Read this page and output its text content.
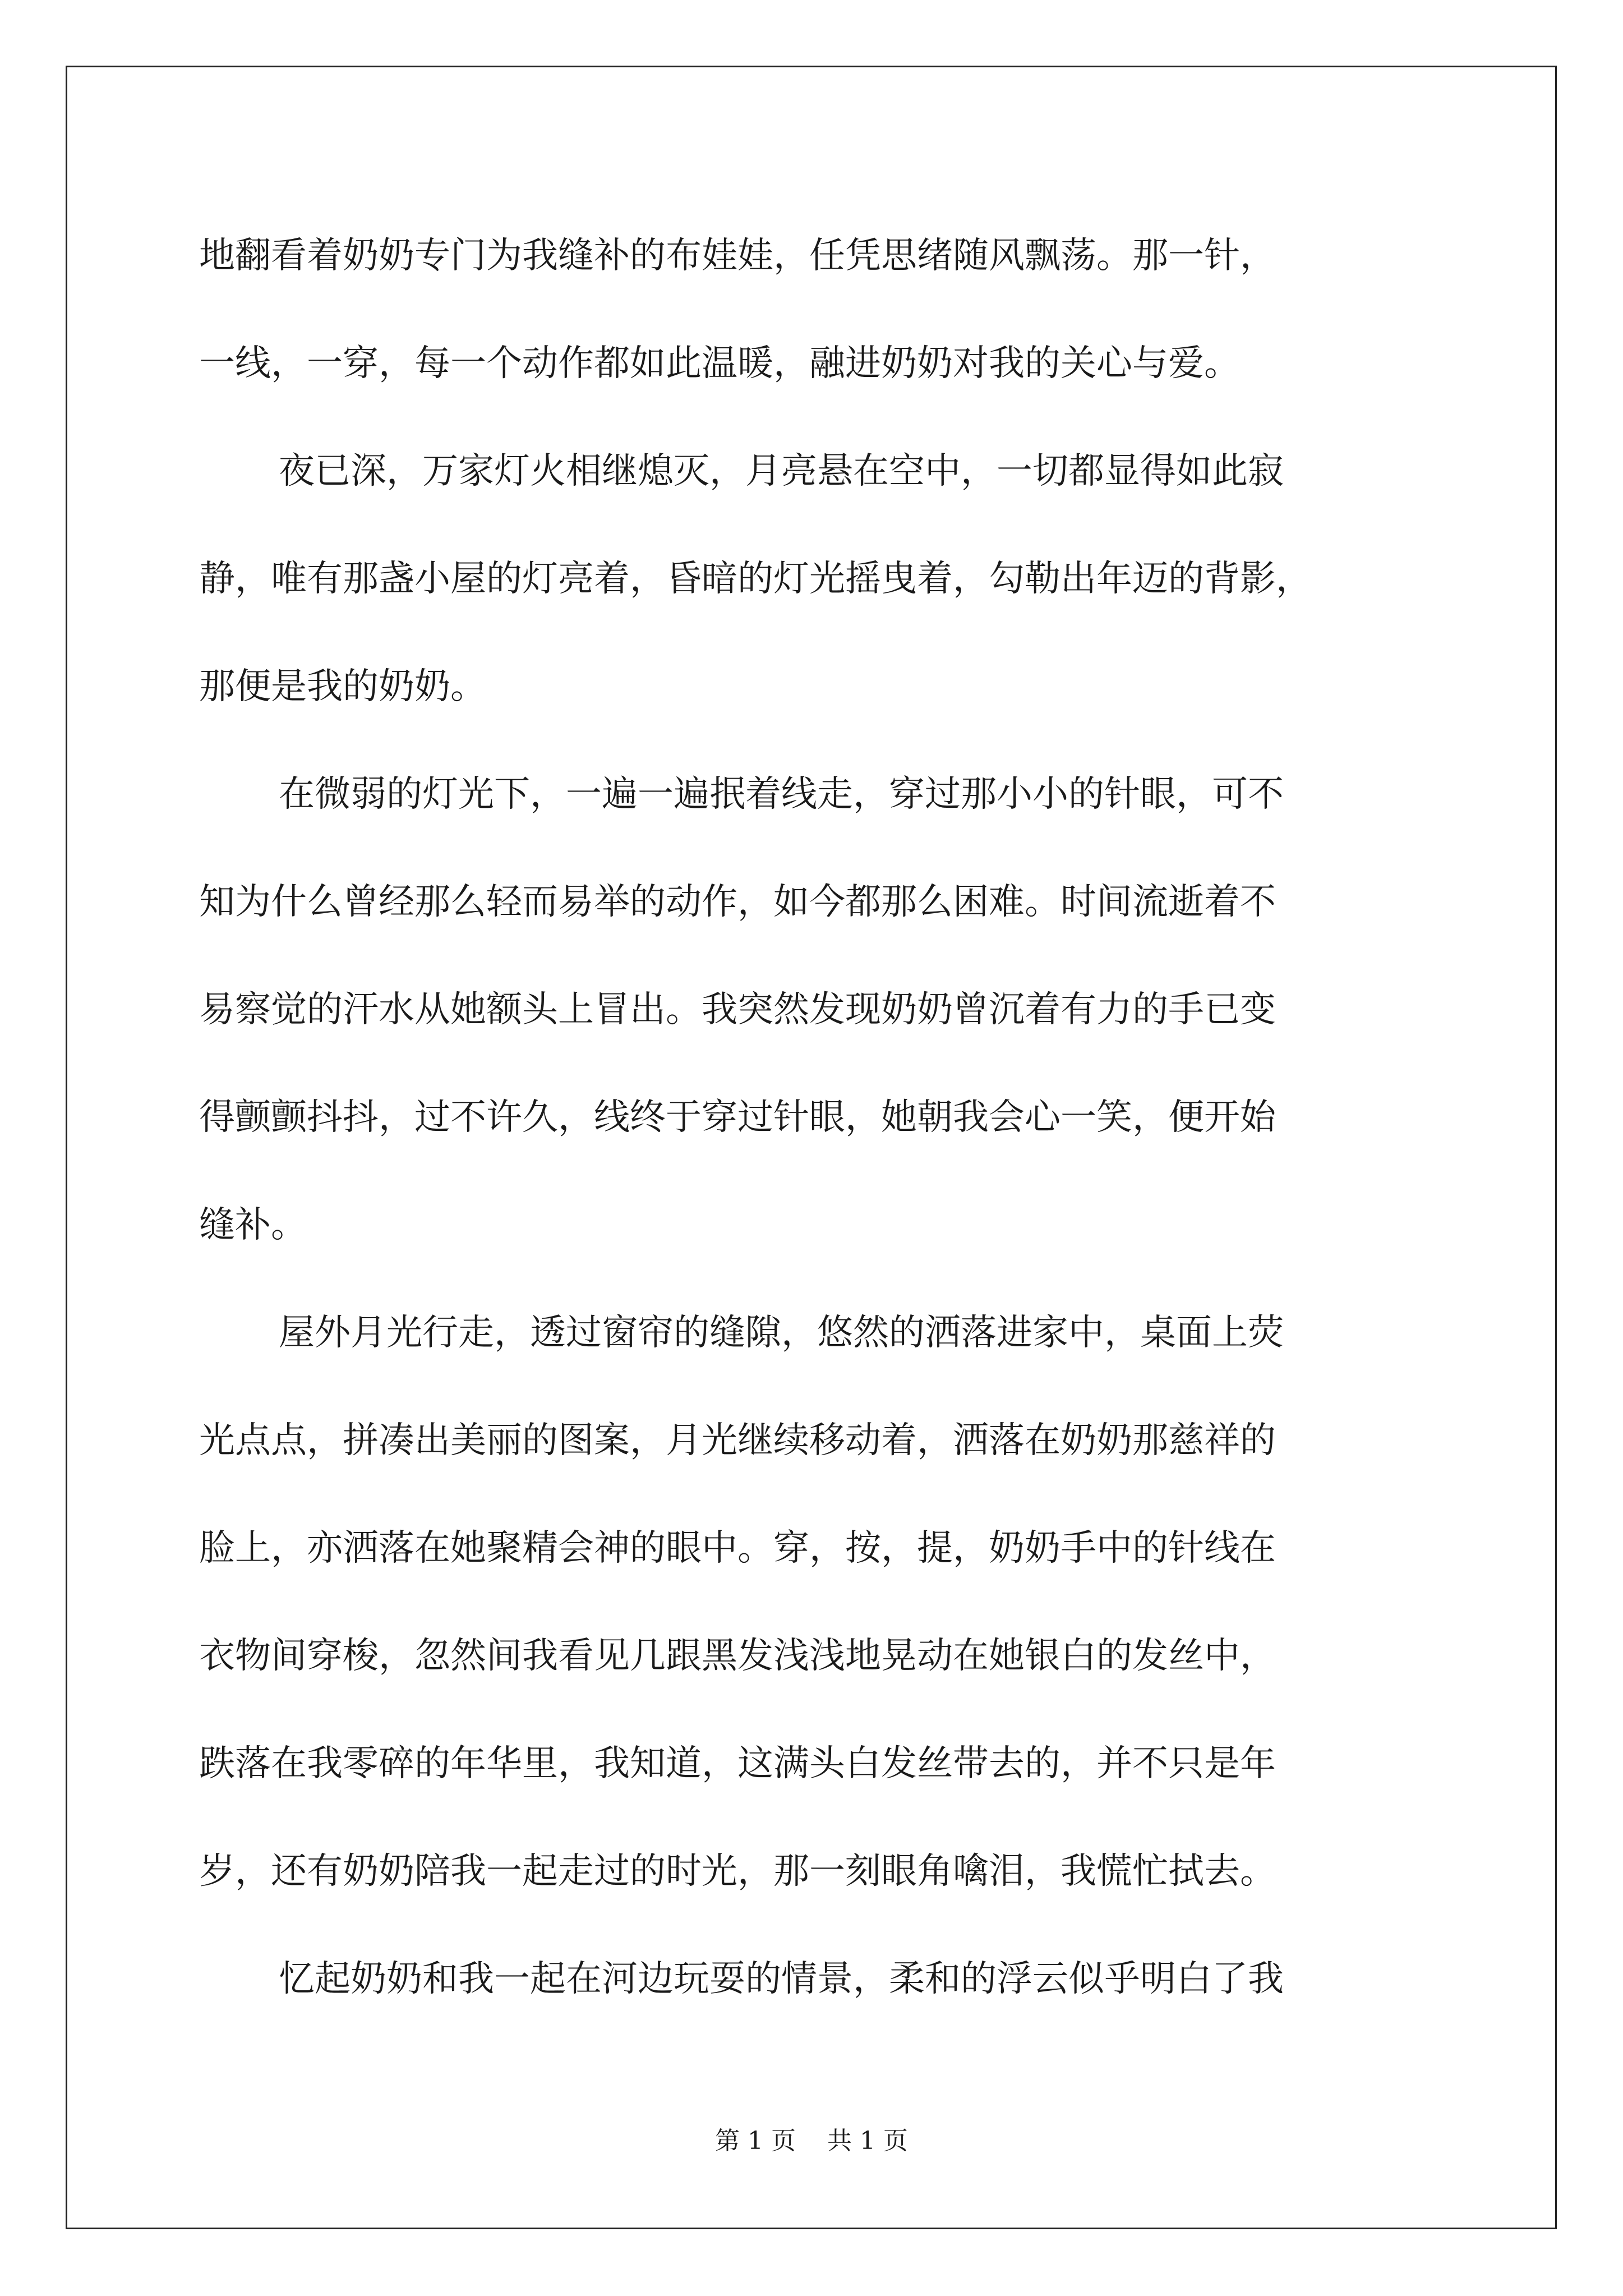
地翻看着奶奶专门为我缝补的布娃娃，任凭思绪随风飘荡。那一针，
一线，一穿，每一个动作都如此温暖，融进奶奶对我的关心与爱。
夜已深，万家灯火相继熄灭，月亮悬在空中，一切都显得如此寂
静，唯有那盏小屋的灯亮着，昏暗的灯光摇曳着，勾勒出年迈的背影，
那便是我的奶奶。
在微弱的灯光下，一遍一遍抿着线走，穿过那小小的针眼，可不
知为什么曾经那么轻而易举的动作，如今都那么困难。时间流逝着不
易察觉的汗水从她额头上冒出。我突然发现奶奶曾沉着有力的手已变
得颤颤抖抖，过不许久，线终于穿过针眼，她朝我会心一笑，便开始
缝补。
屋外月光行走，透过窗帘的缝隙，悠然的洒落进家中，桌面上荧
光点点，拼凑出美丽的图案，月光继续移动着，洒落在奶奶那慈祥的
脸上，亦洒落在她聚精会神的眼中。穿，按，提，奶奶手中的针线在
衣物间穿梭，忽然间我看见几跟黑发浅浅地晃动在她银白的发丝中，
跌落在我零碎的年华里，我知道，这满头白发丝带去的，并不只是年
岁，还有奶奶陪我一起走过的时光，那一刻眼角噙泪，我慌忙拭去。
忆起奶奶和我一起在河边玩耍的情景，柔和的浮云似乎明白了我
第 1 页    共 1 页
